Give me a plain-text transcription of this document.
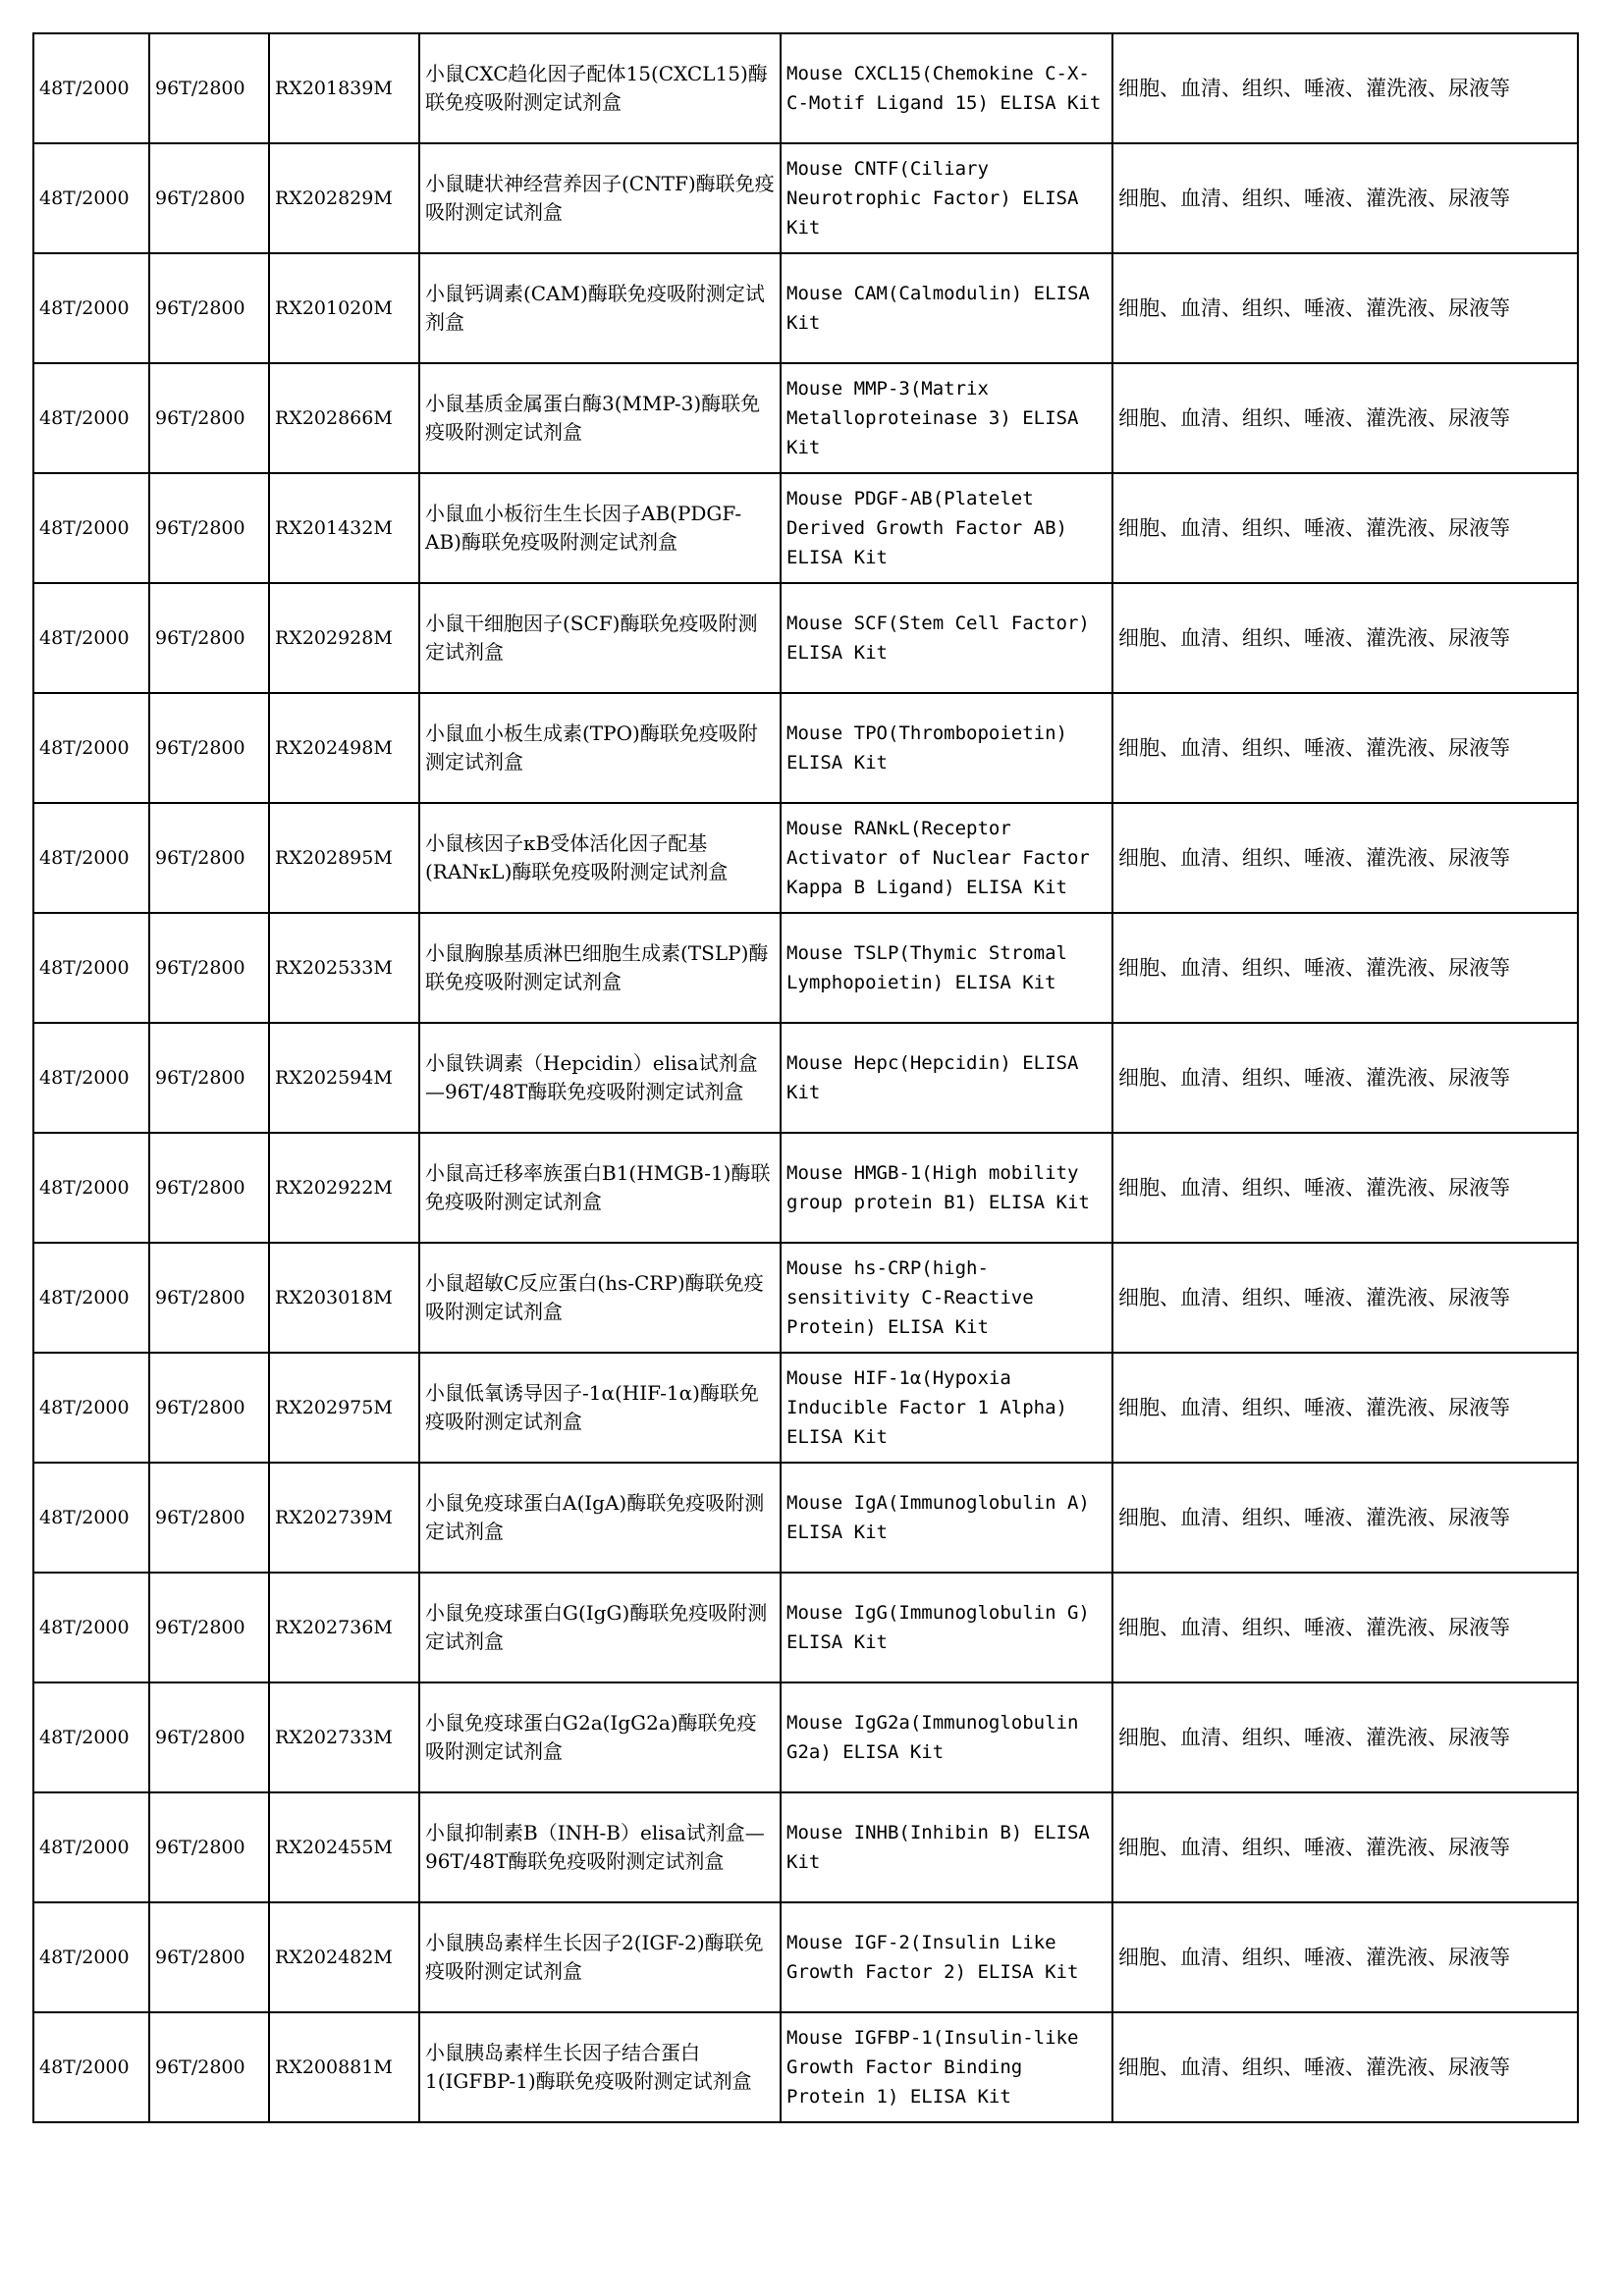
48T/2000	96T/2800	RX201839M	小鼠CXC趋化因子配体15(CXCL15)酶联免疫吸附测定试剂盒	Mouse CXCL15(Chemokine C-X-C-Motif Ligand 15) ELISA Kit	细胞、血清、组织、唾液、灌洗液、尿液等
48T/2000	96T/2800	RX202829M	小鼠睫状神经营养因子(CNTF)酶联免疫吸附测定试剂盒	Mouse CNTF(Ciliary Neurotrophic Factor) ELISA Kit	细胞、血清、组织、唾液、灌洗液、尿液等
48T/2000	96T/2800	RX201020M	小鼠钙调素(CAM)酶联免疫吸附测定试剂盒	Mouse CAM(Calmodulin) ELISA Kit	细胞、血清、组织、唾液、灌洗液、尿液等
48T/2000	96T/2800	RX202866M	小鼠基质金属蛋白酶3(MMP-3)酶联免疫吸附测定试剂盒	Mouse MMP-3(Matrix Metalloproteinase 3) ELISA Kit	细胞、血清、组织、唾液、灌洗液、尿液等
48T/2000	96T/2800	RX201432M	小鼠血小板衍生生长因子AB(PDGF-AB)酶联免疫吸附测定试剂盒	Mouse PDGF-AB(Platelet Derived Growth Factor AB) ELISA Kit	细胞、血清、组织、唾液、灌洗液、尿液等
48T/2000	96T/2800	RX202928M	小鼠干细胞因子(SCF)酶联免疫吸附测定试剂盒	Mouse SCF(Stem Cell Factor) ELISA Kit	细胞、血清、组织、唾液、灌洗液、尿液等
48T/2000	96T/2800	RX202498M	小鼠血小板生成素(TPO)酶联免疫吸附测定试剂盒	Mouse TPO(Thrombopoietin) ELISA Kit	细胞、血清、组织、唾液、灌洗液、尿液等
48T/2000	96T/2800	RX202895M	小鼠核因子κB受体活化因子配基(RANκL)酶联免疫吸附测定试剂盒	Mouse RANκL(Receptor Activator of Nuclear Factor Kappa B Ligand) ELISA Kit	细胞、血清、组织、唾液、灌洗液、尿液等
48T/2000	96T/2800	RX202533M	小鼠胸腺基质淋巴细胞生成素(TSLP)酶联免疫吸附测定试剂盒	Mouse TSLP(Thymic Stromal Lymphopoietin) ELISA Kit	细胞、血清、组织、唾液、灌洗液、尿液等
48T/2000	96T/2800	RX202594M	小鼠铁调素（Hepcidin）elisa试剂盒—96T/48T酶联免疫吸附测定试剂盒	Mouse Hepc(Hepcidin) ELISA Kit	细胞、血清、组织、唾液、灌洗液、尿液等
48T/2000	96T/2800	RX202922M	小鼠高迁移率族蛋白B1(HMGB-1)酶联免疫吸附测定试剂盒	Mouse HMGB-1(High mobility group protein B1) ELISA Kit	细胞、血清、组织、唾液、灌洗液、尿液等
48T/2000	96T/2800	RX203018M	小鼠超敏C反应蛋白(hs-CRP)酶联免疫吸附测定试剂盒	Mouse hs-CRP(high-sensitivity C-Reactive Protein) ELISA Kit	细胞、血清、组织、唾液、灌洗液、尿液等
48T/2000	96T/2800	RX202975M	小鼠低氧诱导因子-1α(HIF-1α)酶联免疫吸附测定试剂盒	Mouse HIF-1α(Hypoxia Inducible Factor 1 Alpha) ELISA Kit	细胞、血清、组织、唾液、灌洗液、尿液等
48T/2000	96T/2800	RX202739M	小鼠免疫球蛋白A(IgA)酶联免疫吸附测定试剂盒	Mouse IgA(Immunoglobulin A) ELISA Kit	细胞、血清、组织、唾液、灌洗液、尿液等
48T/2000	96T/2800	RX202736M	小鼠免疫球蛋白G(IgG)酶联免疫吸附测定试剂盒	Mouse IgG(Immunoglobulin G) ELISA Kit	细胞、血清、组织、唾液、灌洗液、尿液等
48T/2000	96T/2800	RX202733M	小鼠免疫球蛋白G2a(IgG2a)酶联免疫吸附测定试剂盒	Mouse IgG2a(Immunoglobulin G2a) ELISA Kit	细胞、血清、组织、唾液、灌洗液、尿液等
48T/2000	96T/2800	RX202455M	小鼠抑制素B（INH-B）elisa试剂盒—96T/48T酶联免疫吸附测定试剂盒	Mouse INHB(Inhibin B) ELISA Kit	细胞、血清、组织、唾液、灌洗液、尿液等
48T/2000	96T/2800	RX202482M	小鼠胰岛素样生长因子2(IGF-2)酶联免疫吸附测定试剂盒	Mouse IGF-2(Insulin Like Growth Factor 2) ELISA Kit	细胞、血清、组织、唾液、灌洗液、尿液等
48T/2000	96T/2800	RX200881M	小鼠胰岛素样生长因子结合蛋白1(IGFBP-1)酶联免疫吸附测定试剂盒	Mouse IGFBP-1(Insulin-like Growth Factor Binding Protein 1) ELISA Kit	细胞、血清、组织、唾液、灌洗液、尿液等
